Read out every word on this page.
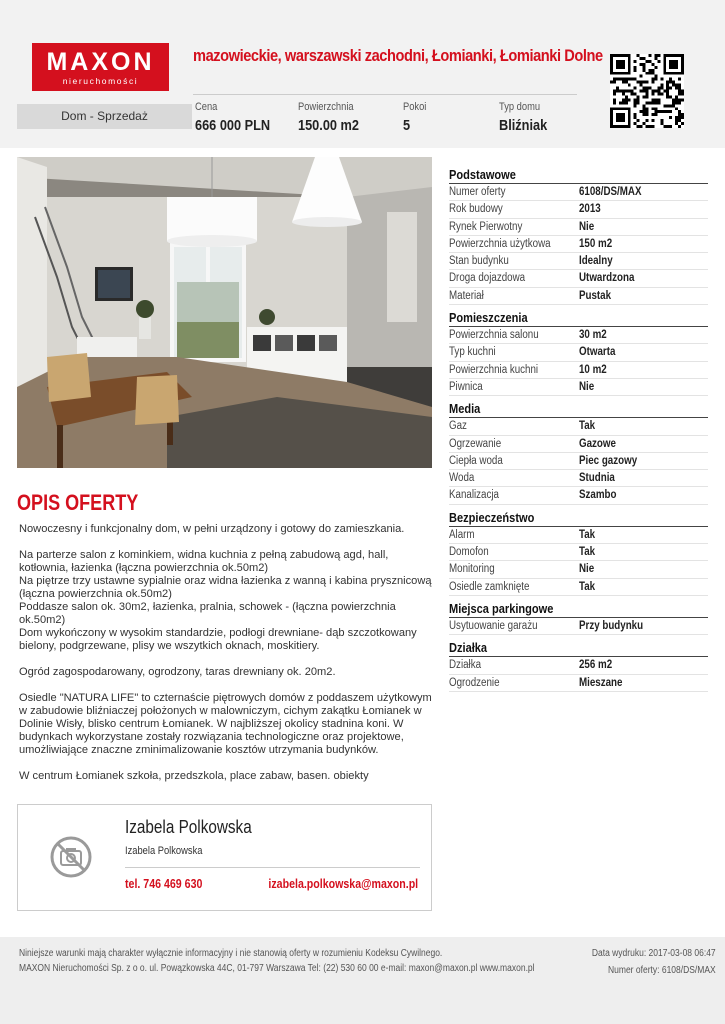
MAXON
nieruchomości
mazowieckie, warszawski zachodni, Łomianki, Łomianki Dolne
Dom - Sprzedaż
Cena
666 000 PLN
Powierzchnia
150.00 m2
Pokoi
5
Typ domu
Bliźniak
OPIS OFERTY

Nowoczesny i funkcjonalny dom, w pełni urządzony i gotowy do zamieszkania.

Na parterze salon z kominkiem, widna kuchnia z pełną zabudową agd, hall, kotłownia, łazienka (łączna powierzchnia ok.50m2)
Na piętrze trzy ustawne sypialnie oraz widna łazienka z wanną i kabina prysznicową (łączna powierzchnia ok.50m2)
Poddasze salon ok. 30m2, łazienka, pralnia, schowek - (łączna powierzchnia ok.50m2)
Dom wykończony w wysokim standardzie, podłogi drewniane- dąb szczotkowany bielony, podgrzewane, plisy we wszytkich oknach, moskitiery.

Ogród zagospodarowany, ogrodzony, taras drewniany ok. 20m2.

Osiedle "NATURA LIFE" to czternaście piętrowych domów z poddaszem użytkowym w zabudowie bliźniaczej położonych w malowniczym, cichym zakątku Łomianek w Dolinie Wisły, blisko centrum Łomianek. W najbliższej okolicy stadnina koni. W budynkach wykorzystane zostały rozwiązania technologiczne oraz projektowe, umożliwiające znaczne zminimalizowanie kosztów utrzymania budynków.

W centrum Łomianek szkoła, przedszkola, place zabaw, basen. obiekty

Izabela Polkowska
Izabela Polkowska
tel. 746 469 630	izabela.polkowska@maxon.pl
Podstawowe
Numer oferty	6108/DS/MAX
Rok budowy	2013
Rynek Pierwotny	Nie
Powierzchnia użytkowa 150 m2
Stan budynku	Idealny
Droga dojazdowa	Utwardzona
Materiał	Pustak
Pomieszczenia
Powierzchnia salonu	30 m2
Typ kuchni	Otwarta
Powierzchnia kuchni	10 m2
Piwnica	Nie
Media
Gaz	Tak
Ogrzewanie	Gazowe
Ciepła woda	Piec gazowy
Woda	Studnia
Kanalizacja	Szambo
Bezpieczeństwo
Alarm	Tak
Domofon	Tak
Monitoring	Nie
Osiedle zamknięte	Tak
Miejsca parkingowe
Usytuowanie garażu	Przy budynku
Działka
Działka	256 m2
Ogrodzenie	Mieszane
Niniejsze warunki mają charakter wyłącznie informacyjny i nie stanowią oferty w rozumieniu Kodeksu Cywilnego.
MAXON Nieruchomości Sp. z o o. ul. Powązkowska 44C, 01-797 Warszawa Tel: (22) 530 60 00 e-mail: maxon@maxon.pl www.maxon.pl
Data wydruku: 2017-03-08 06:47
Numer oferty: 6108/DS/MAX
